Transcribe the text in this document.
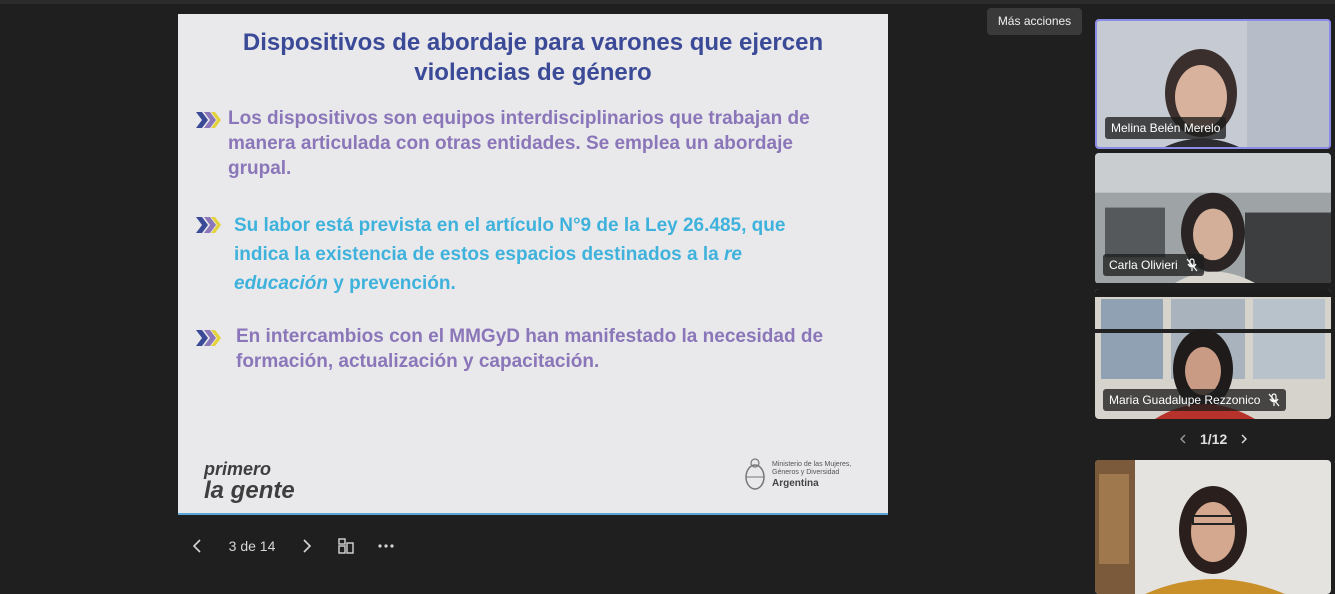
Dispositivos de abordaje para varones que ejercen violencias de género
Los dispositivos son equipos interdisciplinarios que trabajan de manera articulada con otras entidades. Se emplea un abordaje grupal.
Su labor está prevista en el artículo N°9 de la Ley 26.485, que indica la existencia de estos espacios destinados a la re educación y prevención.
En intercambios con el MMGyD han manifestado la necesidad de formación, actualización y capacitación.
primero
la gente
Ministerio de las Mujeres,
Géneros y Diversidad
Argentina
3 de 14
Más acciones
Melina Belén Merelo
Carla Olivieri
Maria Guadalupe Rezzonico
1/12
